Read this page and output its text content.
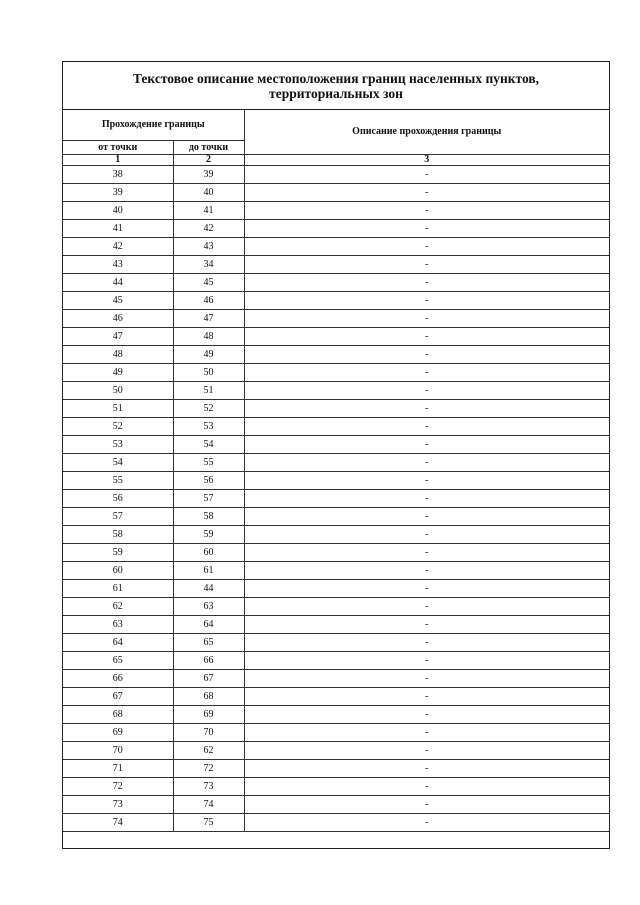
Текстовое описание местоположения границ населенных пунктов,
территориальных зон
Прохождение границы		Описание прохождения границы
от точки	до точки	
1	2	3
38	39	-
39	40	-
40	41	-
41	42	-
42	43	-
43	34	-
44	45	-
45	46	-
46	47	-
47	48	-
48	49	-
49	50	-
50	51	-
51	52	-
52	53	-
53	54	-
54	55	-
55	56	-
56	57	-
57	58	-
58	59	-
59	60	-
60	61	-
61	44	-
62	63	-
63	64	-
64	65	-
65	66	-
66	67	-
67	68	-
68	69	-
69	70	-
70	62	-
71	72	-
72	73	-
73	74	-
74	75	-
